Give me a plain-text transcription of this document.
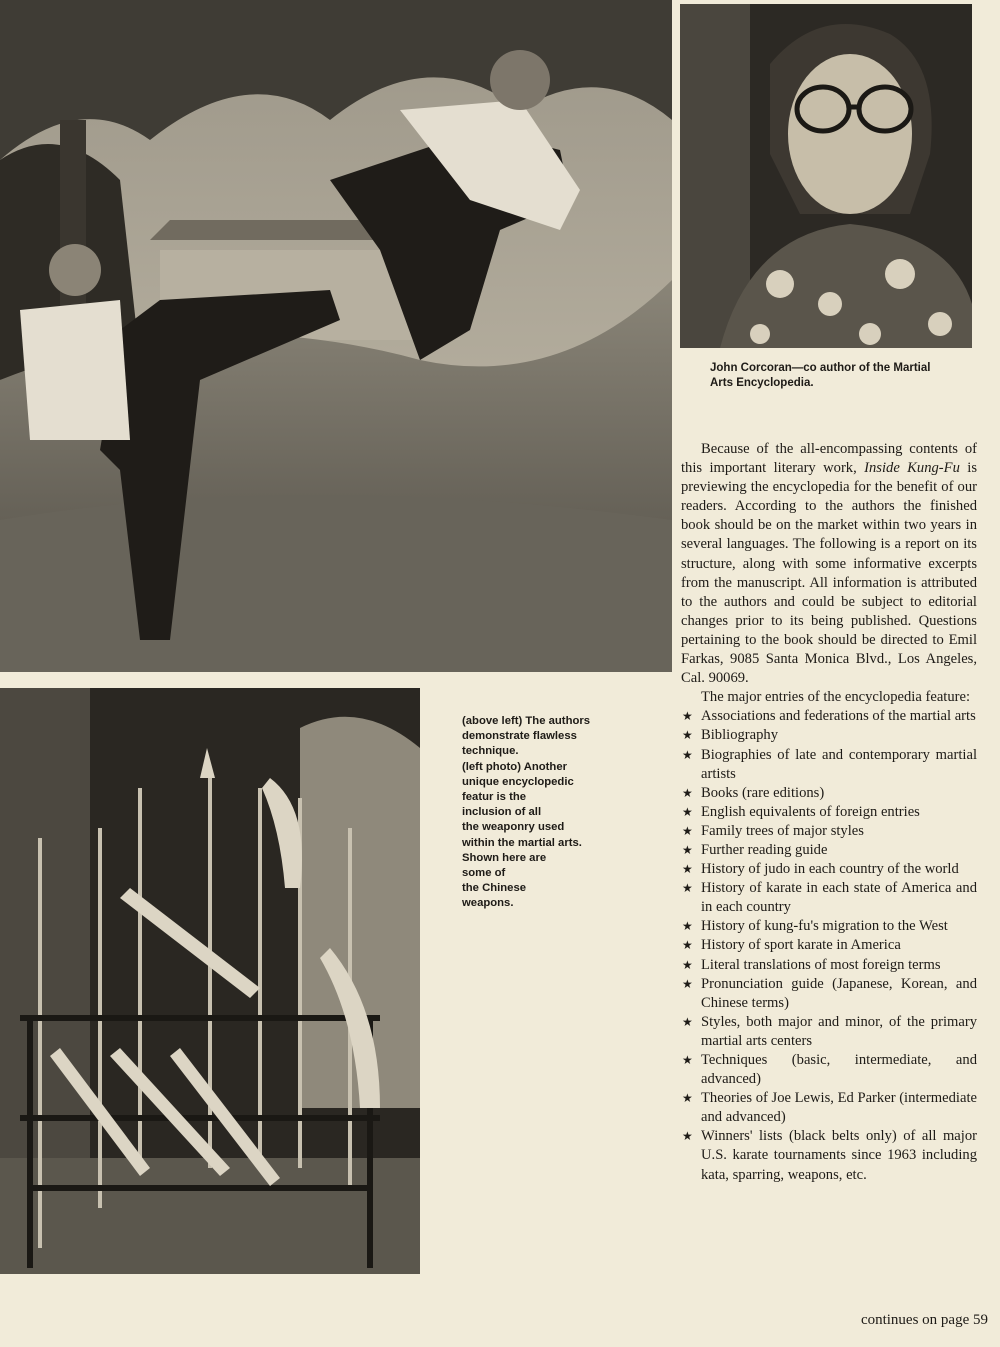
John Corcoran—co author of the Martial Arts Encyclopedia.
(above left) The authors
demonstrate flawless
technique.
(left photo) Another
unique encyclopedic
featur is the
inclusion of all
the weaponry used
within the martial arts.
Shown here are
some of
the Chinese
weapons.

Because of the all-encompassing contents of this important literary work, Inside Kung-Fu is previewing the encyclopedia for the benefit of our readers. According to the authors the finished book should be on the market within two years in several languages. The following is a report on its structure, along with some informative excerpts from the manuscript. All information is attributed to the authors and could be subject to editorial changes prior to its being published. Questions pertaining to the book should be directed to Emil Farkas, 9085 Santa Monica Blvd., Los Angeles, Cal. 90069.

The major entries of the encyclopedia feature:

★ Associations and federations of the martial arts
★ Bibliography
★ Biographies of late and contemporary martial artists
★ Books (rare editions)
★ English equivalents of foreign entries
★ Family trees of major styles
★ Further reading guide
★ History of judo in each country of the world
★ History of karate in each state of America and in each country
★ History of kung-fu's migration to the West
★ History of sport karate in America
★ Literal translations of most foreign terms
★ Pronunciation guide (Japanese, Korean, and Chinese terms)
★ Styles, both major and minor, of the primary martial arts centers
★ Techniques (basic, intermediate, and advanced)
★ Theories of Joe Lewis, Ed Parker (intermediate and advanced)
★ Winners' lists (black belts only) of all major U.S. karate tournaments since 1963 including kata, sparring, weapons, etc.
continues on page 59
